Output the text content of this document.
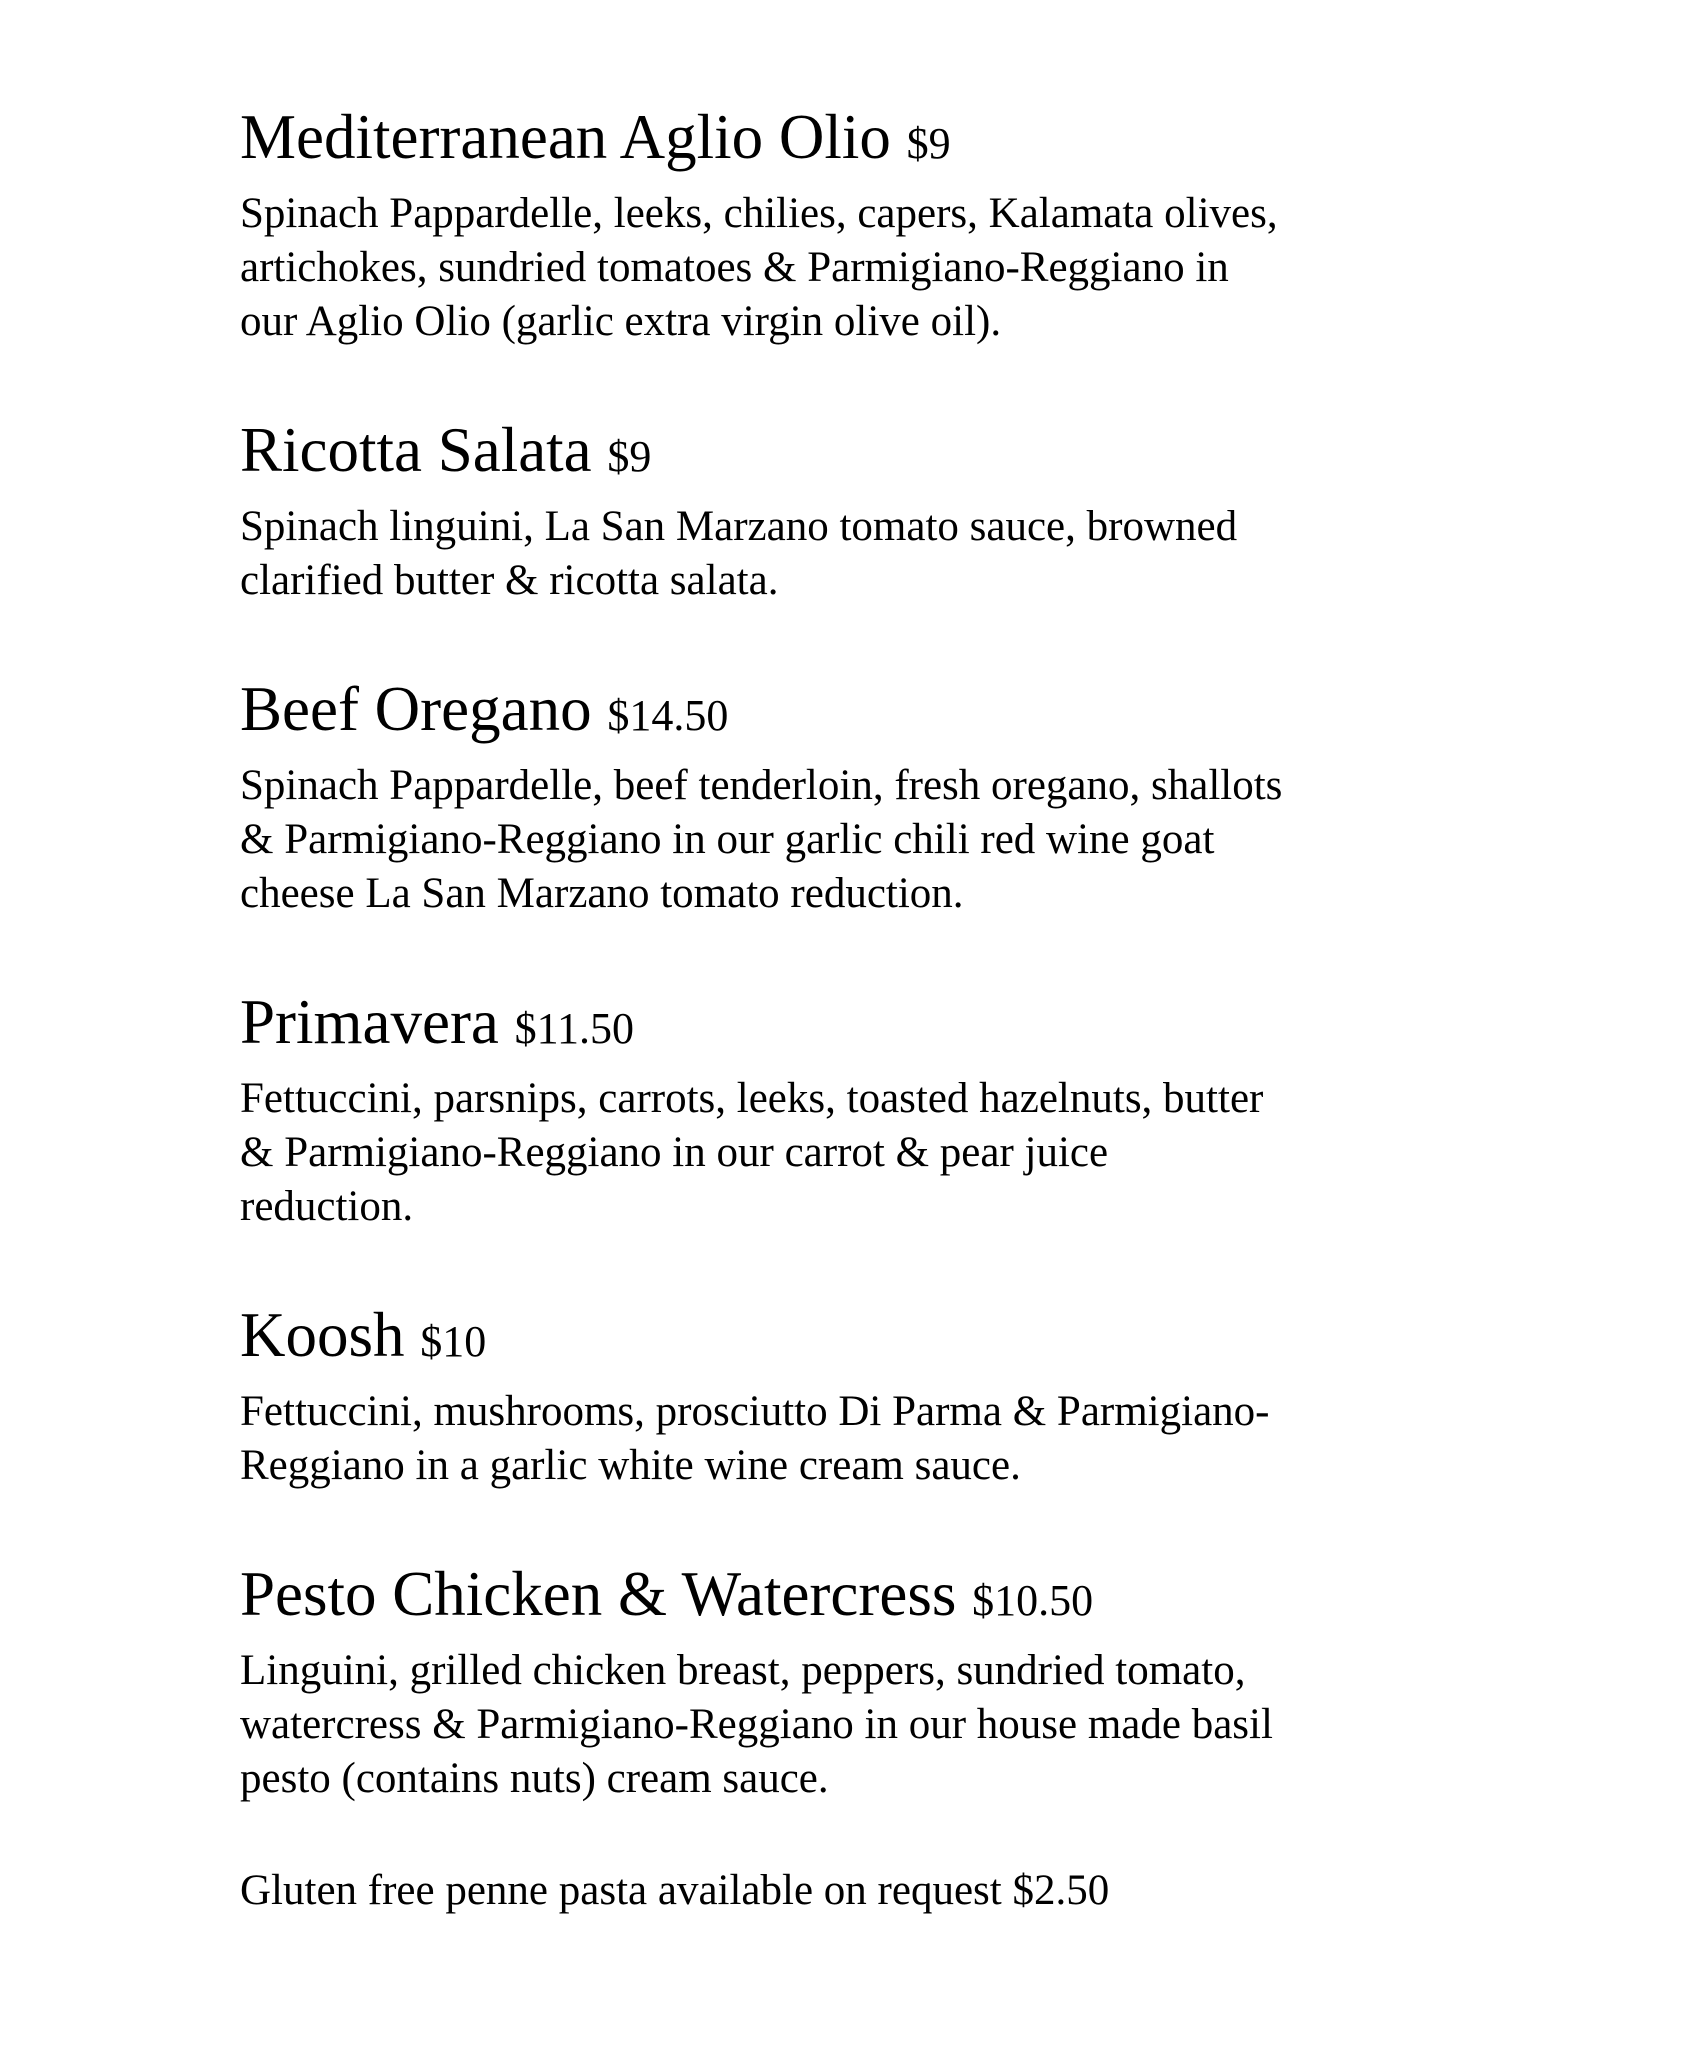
Mediterranean Aglio Olio $9
Spinach Pappardelle, leeks, chilies, capers, Kalamata olives,
artichokes, sundried tomatoes & Parmigiano-Reggiano in
our Aglio Olio (garlic extra virgin olive oil).
Ricotta Salata $9
Spinach linguini, La San Marzano tomato sauce, browned
clarified butter & ricotta salata.
Beef Oregano $14.50
Spinach Pappardelle, beef tenderloin, fresh oregano, shallots
& Parmigiano-Reggiano in our garlic chili red wine goat
cheese La San Marzano tomato reduction.
Primavera $11.50
Fettuccini, parsnips, carrots, leeks, toasted hazelnuts, butter
& Parmigiano-Reggiano in our carrot & pear juice
reduction.
Koosh $10
Fettuccini, mushrooms, prosciutto Di Parma & Parmigiano-
Reggiano in a garlic white wine cream sauce.
Pesto Chicken & Watercress $10.50
Linguini, grilled chicken breast, peppers, sundried tomato,
watercress & Parmigiano-Reggiano in our house made basil
pesto (contains nuts) cream sauce.
Gluten free penne pasta available on request $2.50
